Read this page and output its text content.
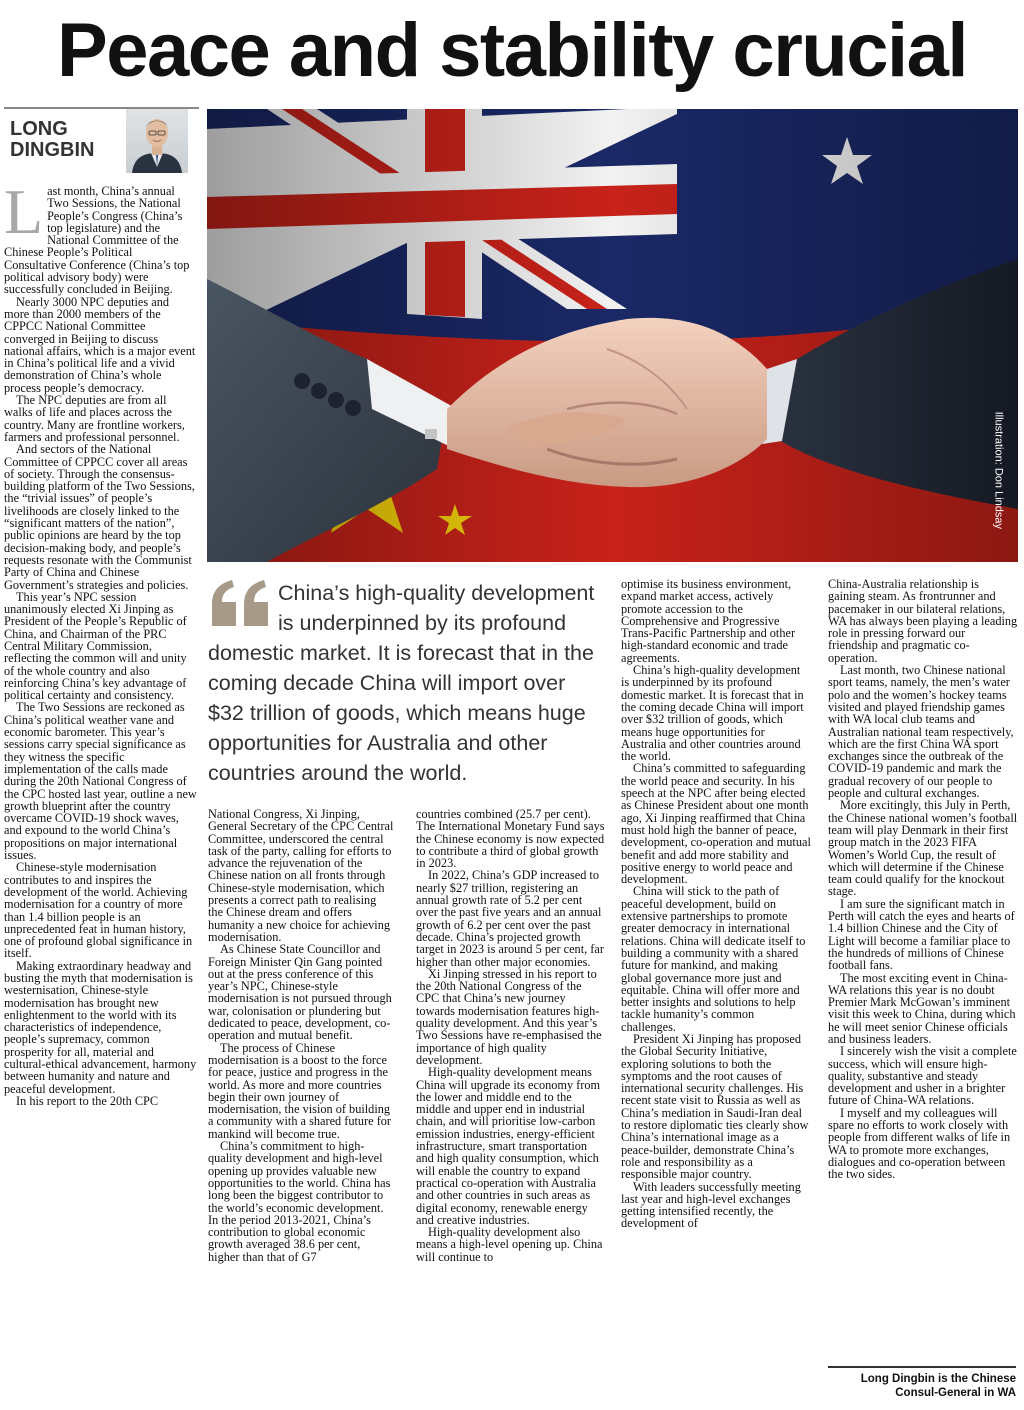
Peace and stability crucial
LONG
DINGBIN
Illustration: Don Lindsay
L ast month, China’s annual Two Sessions, the National People’s Congress (China’s top legislature) and the National Committee of the Chinese People’s Political Consultative Conference (China’s top political advisory body) were successfully concluded in Beijing.

Nearly 3000 NPC deputies and more than 2000 members of the CPPCC National Committee converged in Beijing to discuss national affairs, which is a major event in China’s political life and a vivid demonstration of China’s whole process people’s democracy.

The NPC deputies are from all walks of life and places across the country. Many are frontline workers, farmers and professional personnel.

And sectors of the National Committee of CPPCC cover all areas of society. Through the consensus-building platform of the Two Sessions, the “trivial issues” of people’s livelihoods are closely linked to the “significant matters of the nation”, public opinions are heard by the top decision-making body, and people’s requests resonate with the Communist Party of China and Chinese Government’s strategies and policies.

This year’s NPC session unanimously elected Xi Jinping as President of the People’s Republic of China, and Chairman of the PRC Central Military Commission, reflecting the common will and unity of the whole country and also reinforcing China’s key advantage of political certainty and consistency.

The Two Sessions are reckoned as China’s political weather vane and economic barometer. This year’s sessions carry special significance as they witness the specific implementation of the calls made during the 20th National Congress of the CPC hosted last year, outline a new growth blueprint after the country overcame COVID-19 shock waves, and expound to the world China’s propositions on major international issues.

Chinese-style modernisation contributes to and inspires the development of the world. Achieving modernisation for a country of more than 1.4 billion people is an unprecedented feat in human history, one of profound global significance in itself.

Making extraordinary headway and busting the myth that modernisation is westernisation, Chinese-style modernisation has brought new enlightenment to the world with its characteristics of independence, people’s supremacy, common prosperity for all, material and cultural-ethical advancement, harmony between humanity and nature and peaceful development.

In his report to the 20th CPC

China’s high-quality development is underpinned by its profound domestic market. It is forecast that in the coming decade China will import over $32 trillion of goods, which means huge opportunities for Australia and other countries around the world.

National Congress, Xi Jinping, General Secretary of the CPC Central Committee, underscored the central task of the party, calling for efforts to advance the rejuvenation of the Chinese nation on all fronts through Chinese-style modernisation, which presents a correct path to realising the Chinese dream and offers humanity a new choice for achieving modernisation.

As Chinese State Councillor and Foreign Minister Qin Gang pointed out at the press conference of this year’s NPC, Chinese-style modernisation is not pursued through war, colonisation or plundering but dedicated to peace, development, co-operation and mutual benefit.

The process of Chinese modernisation is a boost to the force for peace, justice and progress in the world. As more and more countries begin their own journey of modernisation, the vision of building a community with a shared future for mankind will become true.

China’s commitment to high-quality development and high-level opening up provides valuable new opportunities to the world. China has long been the biggest contributor to the world’s economic development. In the period 2013-2021, China’s contribution to global economic growth averaged 38.6 per cent, higher than that of G7

countries combined (25.7 per cent). The International Monetary Fund says the Chinese economy is now expected to contribute a third of global growth in 2023.

In 2022, China’s GDP increased to nearly $27 trillion, registering an annual growth rate of 5.2 per cent over the past five years and an annual growth of 6.2 per cent over the past decade. China’s projected growth target in 2023 is around 5 per cent, far higher than other major economies.

Xi Jinping stressed in his report to the 20th National Congress of the CPC that China’s new journey towards modernisation features high-quality development. And this year’s Two Sessions have re-emphasised the importance of high quality development.

High-quality development means China will upgrade its economy from the lower and middle end to the middle and upper end in industrial chain, and will prioritise low-carbon emission industries, energy-efficient infrastructure, smart transportation and high quality consumption, which will enable the country to expand practical co-operation with Australia and other countries in such areas as digital economy, renewable energy and creative industries.

High-quality development also means a high-level opening up. China will continue to

optimise its business environment, expand market access, actively promote accession to the Comprehensive and Progressive Trans-Pacific Partnership and other high-standard economic and trade agreements.

China’s high-quality development is underpinned by its profound domestic market. It is forecast that in the coming decade China will import over $32 trillion of goods, which means huge opportunities for Australia and other countries around the world.

China’s committed to safeguarding the world peace and security. In his speech at the NPC after being elected as Chinese President about one month ago, Xi Jinping reaffirmed that China must hold high the banner of peace, development, co-operation and mutual benefit and add more stability and positive energy to world peace and development.

China will stick to the path of peaceful development, build on extensive partnerships to promote greater democracy in international relations. China will dedicate itself to building a community with a shared future for mankind, and making global governance more just and equitable. China will offer more and better insights and solutions to help tackle humanity’s common challenges.

President Xi Jinping has proposed the Global Security Initiative, exploring solutions to both the symptoms and the root causes of international security challenges. His recent state visit to Russia as well as China’s mediation in Saudi-Iran deal to restore diplomatic ties clearly show China’s international image as a peace-builder, demonstrate China’s role and responsibility as a responsible major country.

With leaders successfully meeting last year and high-level exchanges getting intensified recently, the development of

China-Australia relationship is gaining steam. As frontrunner and pacemaker in our bilateral relations, WA has always been playing a leading role in pressing forward our friendship and pragmatic co-operation.

Last month, two Chinese national sport teams, namely, the men’s water polo and the women’s hockey teams visited and played friendship games with WA local club teams and Australian national team respectively, which are the first China WA sport exchanges since the outbreak of the COVID-19 pandemic and mark the gradual recovery of our people to people and cultural exchanges.

More excitingly, this July in Perth, the Chinese national women’s football team will play Denmark in their first group match in the 2023 FIFA Women’s World Cup, the result of which will determine if the Chinese team could qualify for the knockout stage.

I am sure the significant match in Perth will catch the eyes and hearts of 1.4 billion Chinese and the City of Light will become a familiar place to the hundreds of millions of Chinese football fans.

The most exciting event in China-WA relations this year is no doubt Premier Mark McGowan’s imminent visit this week to China, during which he will meet senior Chinese officials and business leaders.

I sincerely wish the visit a complete success, which will ensure high-quality, substantive and steady development and usher in a brighter future of China-WA relations.

I myself and my colleagues will spare no efforts to work closely with people from different walks of life in WA to promote more exchanges, dialogues and co-operation between the two sides.

Long Dingbin is the Chinese
Consul-General in WA
